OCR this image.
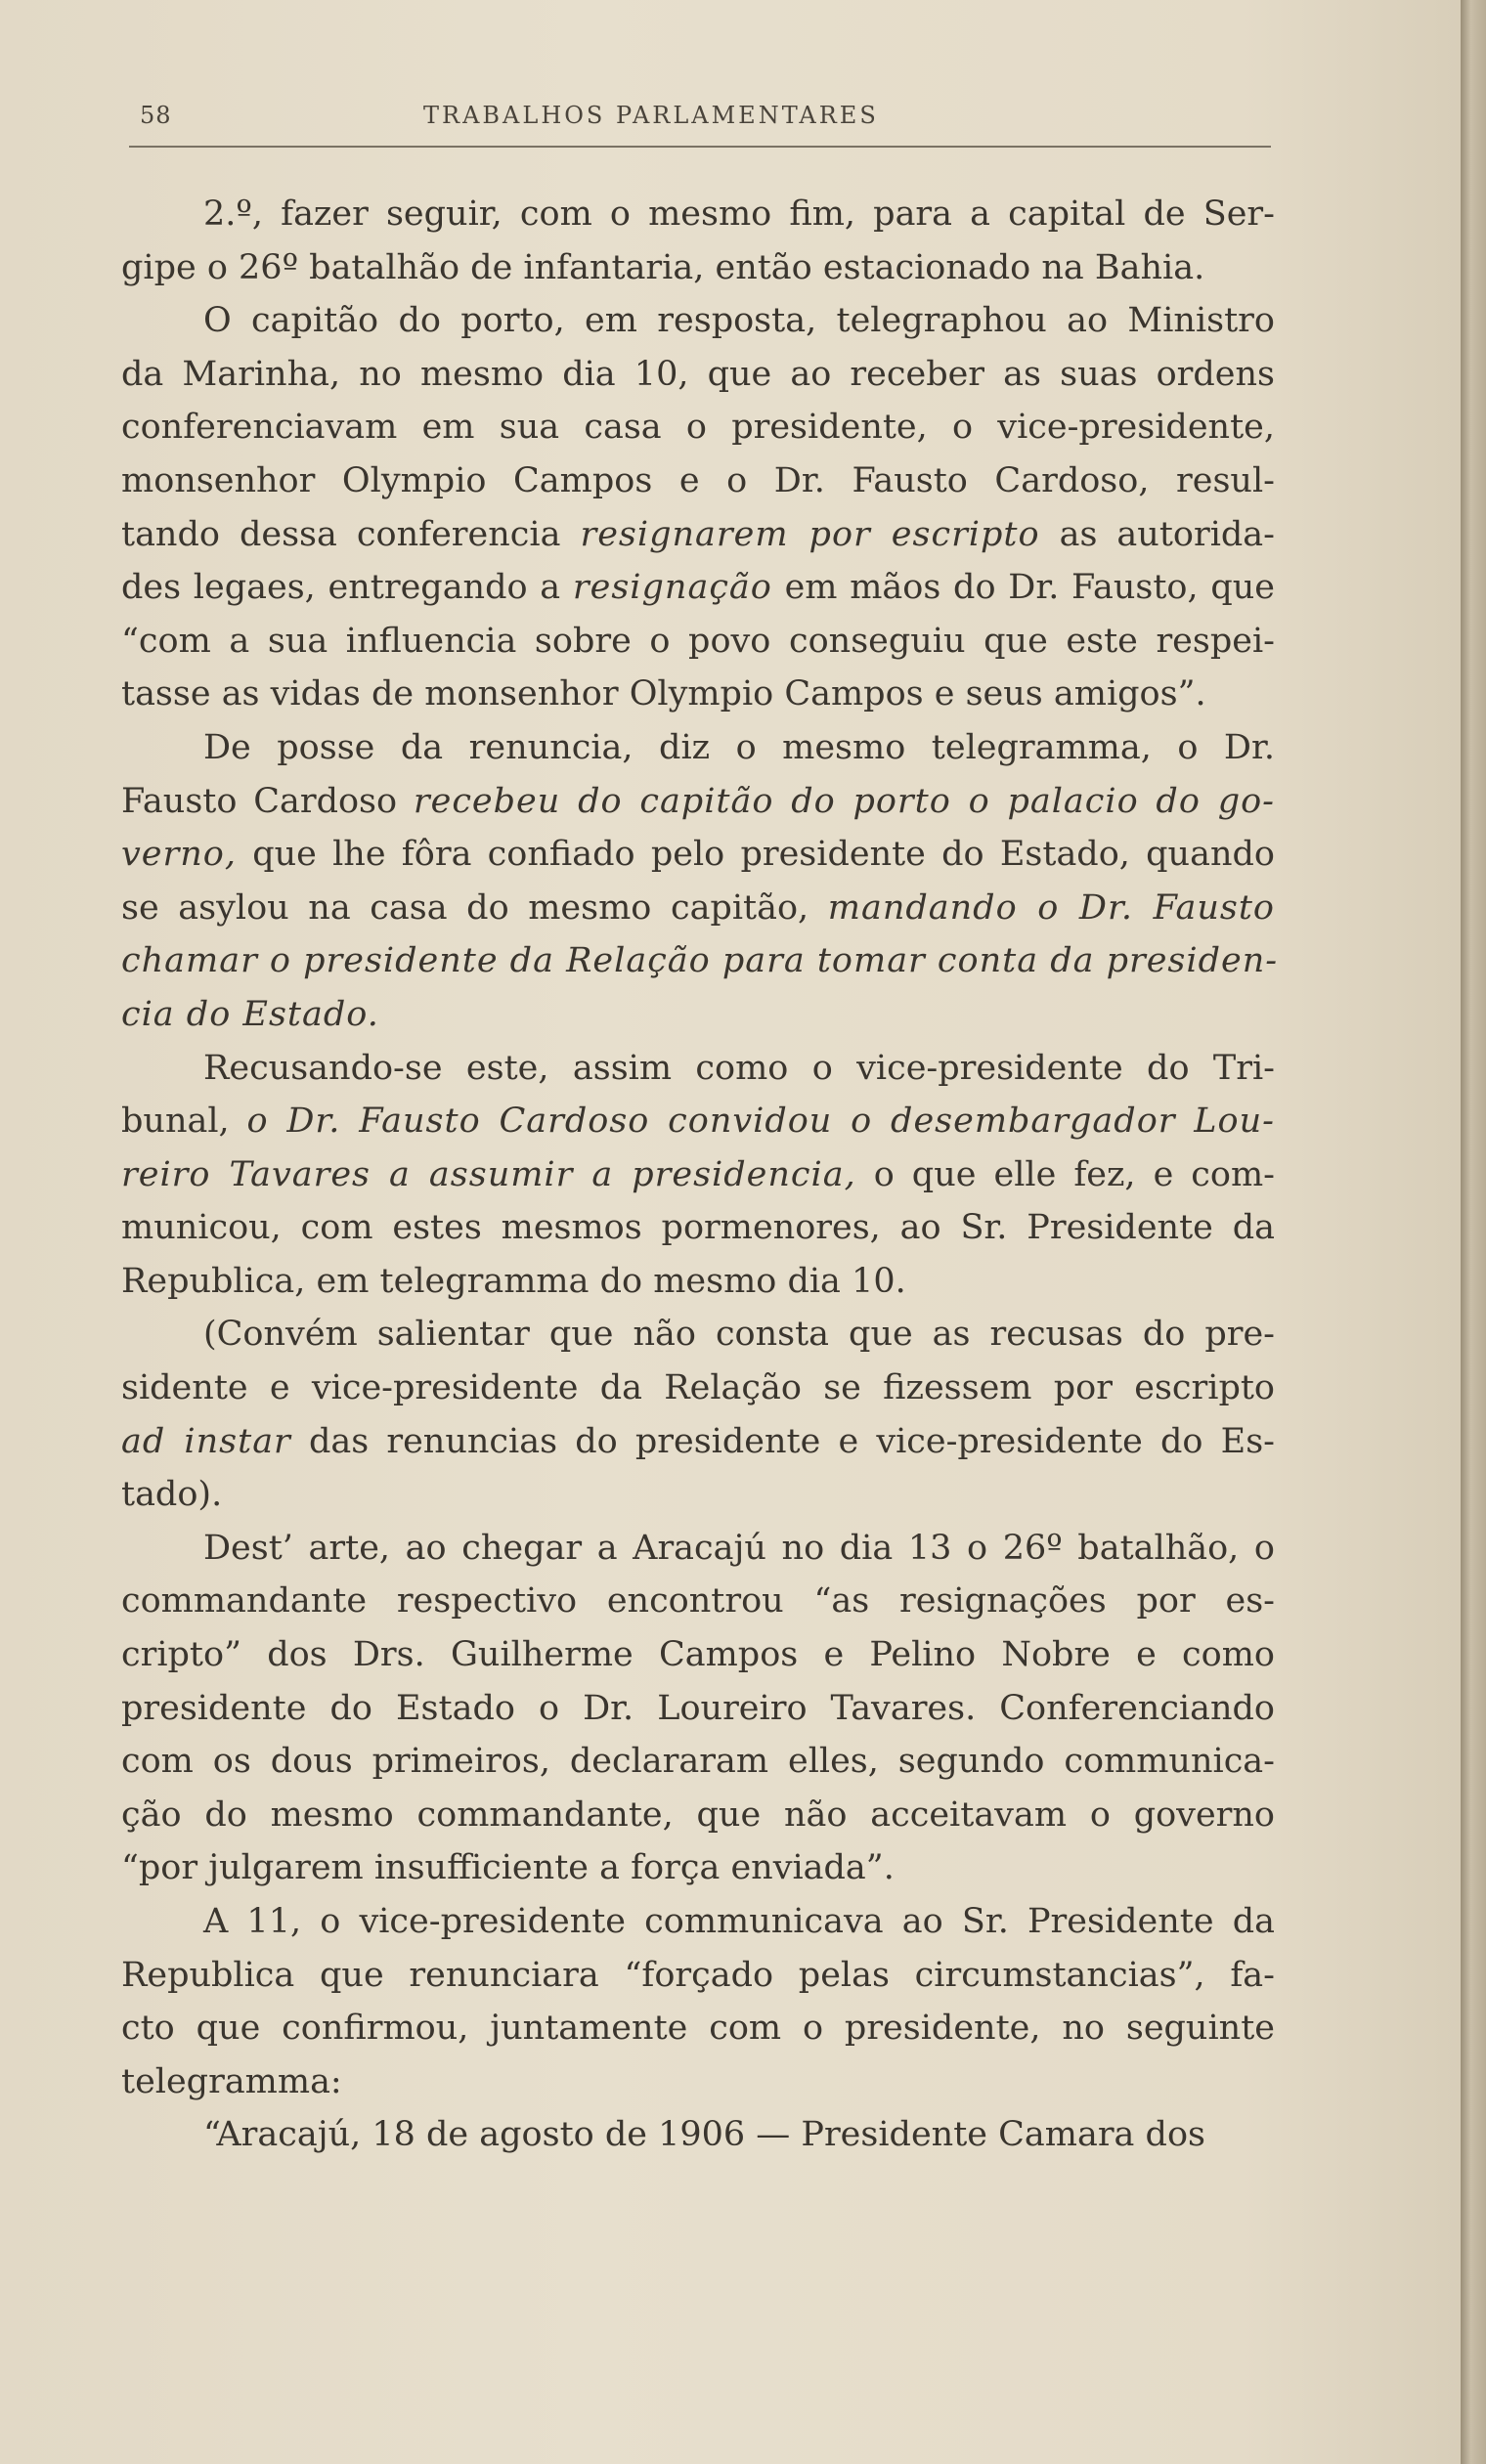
58	TRABALHOS PARLAMENTARES
2.º, fazer seguir, com o mesmo fim, para a capital de Ser-
gipe o 26º batalhão de infantaria, então estacionado na Bahia.
O capitão do porto, em resposta, telegraphou ao Ministro
da Marinha, no mesmo dia 10, que ao receber as suas ordens
conferenciavam em sua casa o presidente, o vice-presidente,
monsenhor Olympio Campos e o Dr. Fausto Cardoso, resul-
tando dessa conferencia resignarem por escripto as autorida-
des legaes, entregando a resignação em mãos do Dr. Fausto, que
“com a sua influencia sobre o povo conseguiu que este respei-
tasse as vidas de monsenhor Olympio Campos e seus amigos”.
De posse da renuncia, diz o mesmo telegramma, o Dr.
Fausto Cardoso recebeu do capitão do porto o palacio do go-
verno, que lhe fôra confiado pelo presidente do Estado, quando
se asylou na casa do mesmo capitão, mandando o Dr. Fausto
chamar o presidente da Relação para tomar conta da presiden-
cia do Estado.
Recusando-se este, assim como o vice-presidente do Tri-
bunal, o Dr. Fausto Cardoso convidou o desembargador Lou-
reiro Tavares a assumir a presidencia, o que elle fez, e com-
municou, com estes mesmos pormenores, ao Sr. Presidente da
Republica, em telegramma do mesmo dia 10.
(Convém salientar que não consta que as recusas do pre-
sidente e vice-presidente da Relação se fizessem por escripto
ad instar das renuncias do presidente e vice-presidente do Es-
tado).
Dest’ arte, ao chegar a Aracajú no dia 13 o 26º batalhão, o
commandante respectivo encontrou “as resignações por es-
cripto” dos Drs. Guilherme Campos e Pelino Nobre e como
presidente do Estado o Dr. Loureiro Tavares. Conferenciando
com os dous primeiros, declararam elles, segundo communica-
ção do mesmo commandante, que não acceitavam o governo
“por julgarem insufficiente a força enviada”.
A 11, o vice-presidente communicava ao Sr. Presidente da
Republica que renunciara “forçado pelas circumstancias”, fa-
cto que confirmou, juntamente com o presidente, no seguinte
telegramma:
“Aracajú, 18 de agosto de 1906 — Presidente Camara dos
